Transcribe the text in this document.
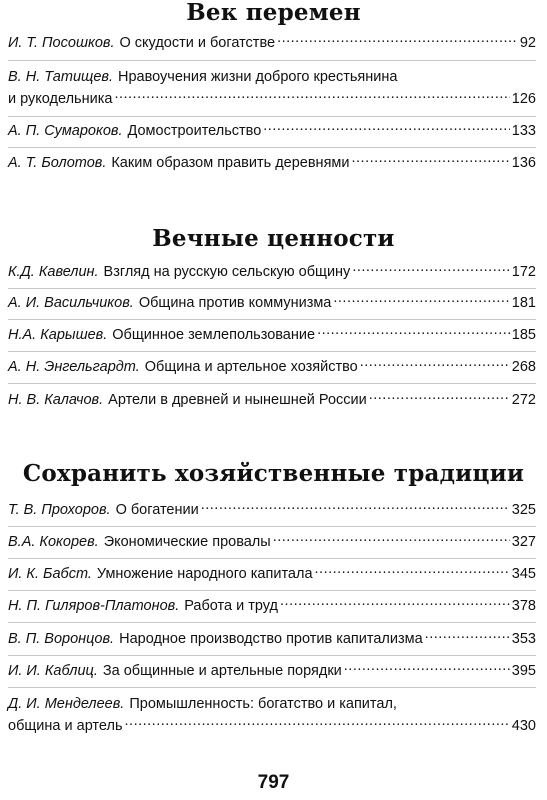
Век перемен
И. Т. Посошков. О скудости и богатстве .....	92
В. Н. Татищев. Нравоучения жизни доброго крестьянина
и рукодельника .....	126
А. П. Сумароков. Домостроительство .....	133
А. Т. Болотов. Каким образом править деревнями .....	136
Вечные ценности
К.Д. Кавелин. Взгляд на русскую сельскую общину .....	172
А. И. Васильчиков. Община против коммунизма .....	181
Н.А. Карышев. Общинное землепользование .....	185
А. Н. Энгельгардт. Община и артельное хозяйство .....	268
Н. В. Калачов. Артели в древней и нынешней России .....	272
Сохранить хозяйственные традиции
Т. В. Прохоров. О богатении .....	325
В.А. Кокорев. Экономические провалы .....	327
И. К. Бабст. Умножение народного капитала .....	345
Н. П. Гиляров-Платонов. Работа и труд .....	378
В. П. Воронцов. Народное производство против капитализма .....	353
И. И. Каблиц. За общинные и артельные порядки .....	395
Д. И. Менделеев. Промышленность: богатство и капитал,
община и артель .....	430
797
